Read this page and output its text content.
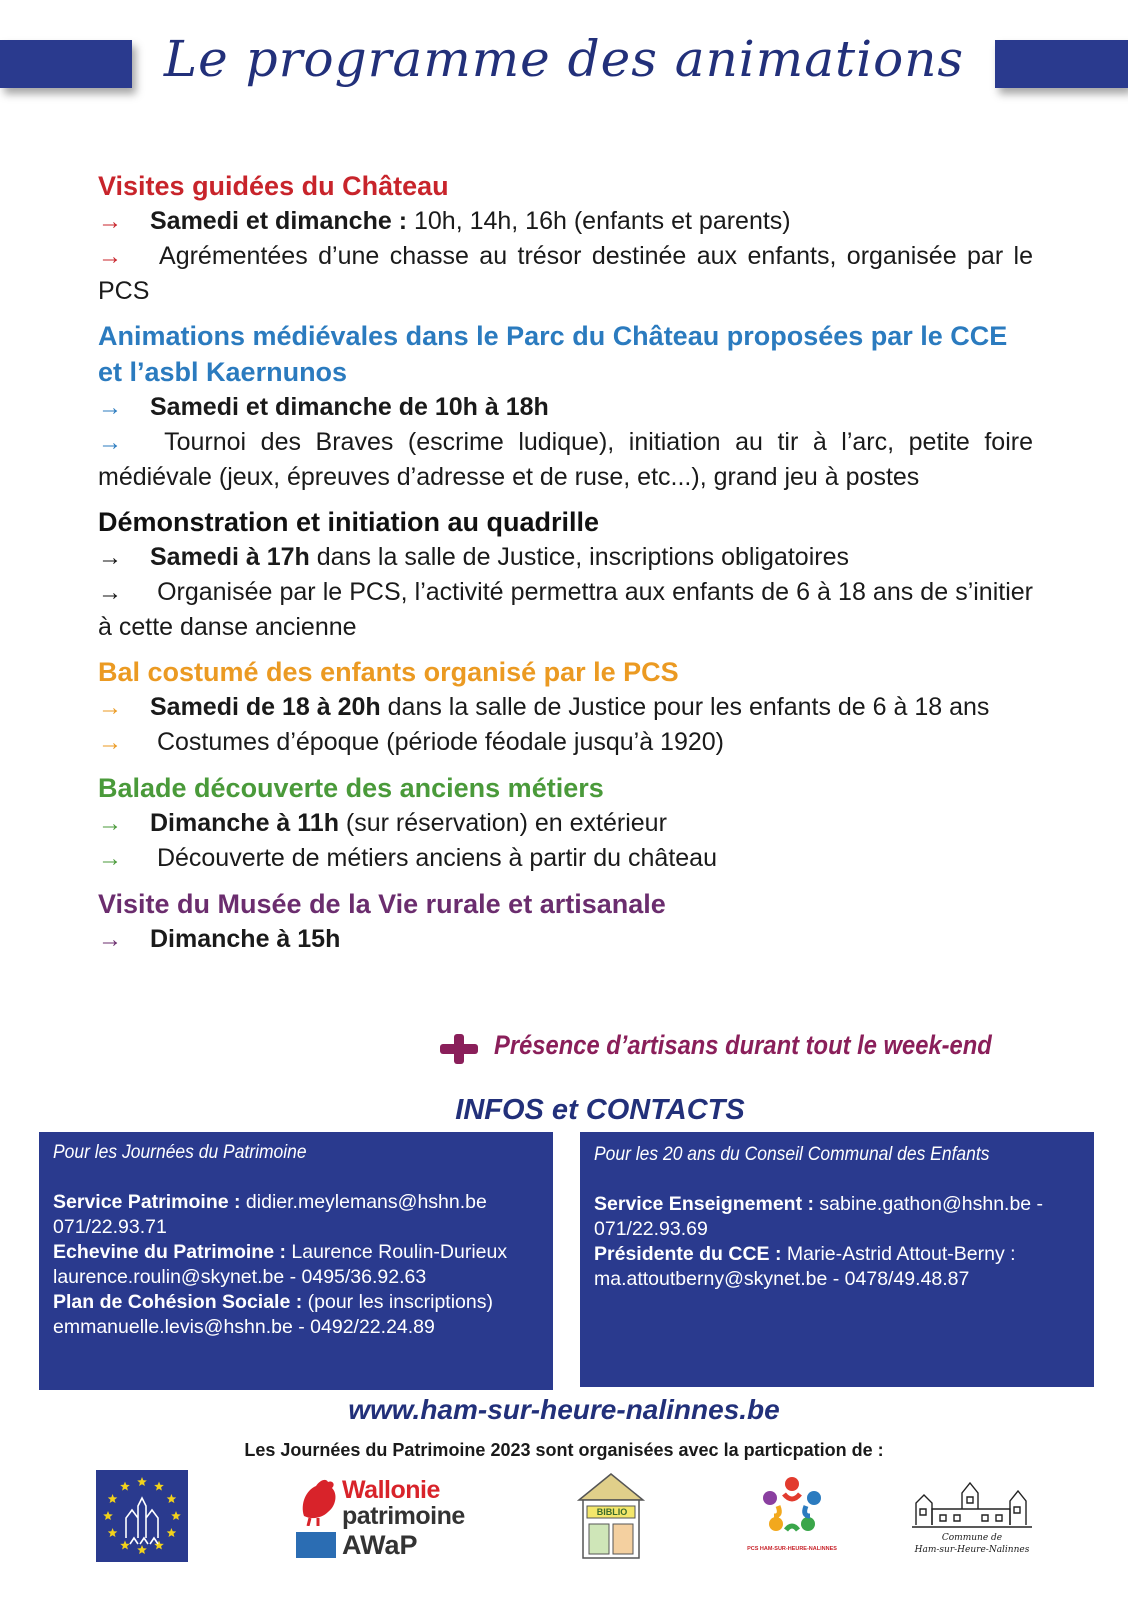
Le programme des animations
Visites guidées du Château
→ Samedi et dimanche : 10h, 14h, 16h (enfants et parents)
→ Agrémentées d’une chasse au trésor destinée aux enfants, organisée par le PCS
Animations médiévales dans le Parc du Château proposées par le CCE et l’asbl Kaernunos
→ Samedi et dimanche de 10h à 18h
→ Tournoi des Braves (escrime ludique), initiation au tir à l’arc, petite foire médiévale (jeux, épreuves d’adresse et de ruse, etc...), grand jeu à postes
Démonstration et initiation au quadrille
→ Samedi à 17h dans la salle de Justice, inscriptions obligatoires
→ Organisée par le PCS, l’activité permettra aux enfants de 6 à 18 ans de s’initier à cette danse ancienne
Bal costumé des enfants organisé par le PCS
→ Samedi de 18 à 20h dans la salle de Justice pour les enfants de 6 à 18 ans
→ Costumes d’époque (période féodale jusqu’à 1920)
Balade découverte des anciens métiers
→ Dimanche à 11h (sur réservation) en extérieur
→ Découverte de métiers anciens à partir du château
Visite du Musée de la Vie rurale et artisanale
→ Dimanche à 15h
Présence d’artisans durant tout le week-end
INFOS et CONTACTS
Pour les Journées du Patrimoine
Service Patrimoine : didier.meylemans@hshn.be
071/22.93.71
Echevine du Patrimoine : Laurence Roulin-Durieux
laurence.roulin@skynet.be - 0495/36.92.63
Plan de Cohésion Sociale : (pour les inscriptions)
emmanuelle.levis@hshn.be - 0492/22.24.89
Pour les 20 ans du Conseil Communal des Enfants
Service Enseignement : sabine.gathon@hshn.be -
071/22.93.69
Présidente du CCE : Marie-Astrid Attout-Berny :
ma.attoutberny@skynet.be - 0478/49.48.87
www.ham-sur-heure-nalinnes.be
Les Journées du Patrimoine 2023 sont organisées avec la particpation de :
Wallonie
patrimoine
AWaP
BIBLIO
PCS HAM-SUR-HEURE-NALINNES
Commune de
Ham-sur-Heure-Nalinnes
